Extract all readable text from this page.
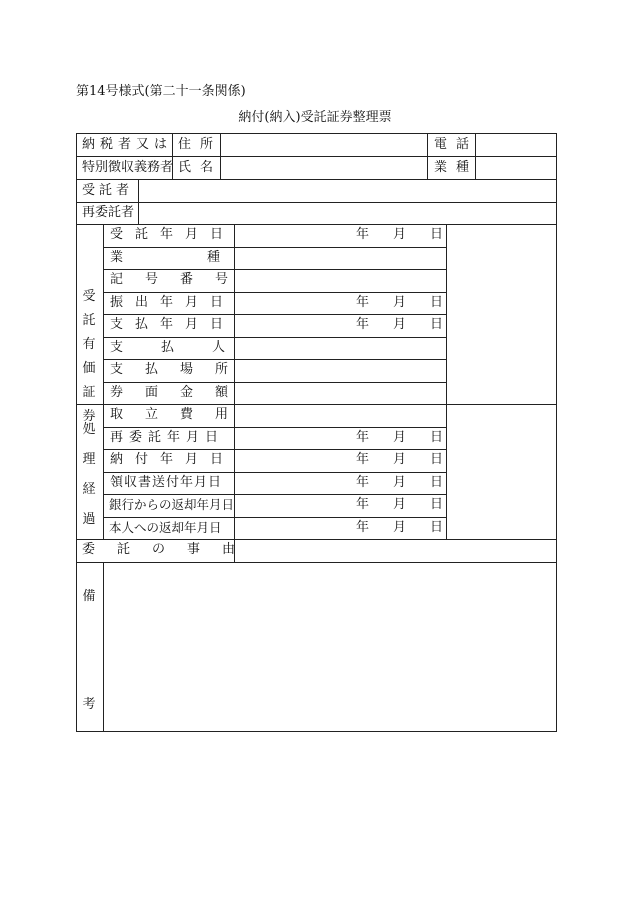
第14号様式(第二十一条関係)
納付(納入)受託証券整理票
納税者又は 住所	電話
特別徴収義務者 氏名	業種
受託者
再委託者
受
託
有
価
証
券
受託年月日
業種
記号番号
振出年月日
支払年月日
支払人
支払場所
券面金額
年 月 日
年 月 日
年 月 日
処
理
経
過
取立費用
再委託年月日
納付年月日
領収書送付年月日
銀行からの返却年月日
本人への返却年月日
年 月 日
年 月 日
年 月 日
年 月 日
年 月 日
委託の事由
備
考
